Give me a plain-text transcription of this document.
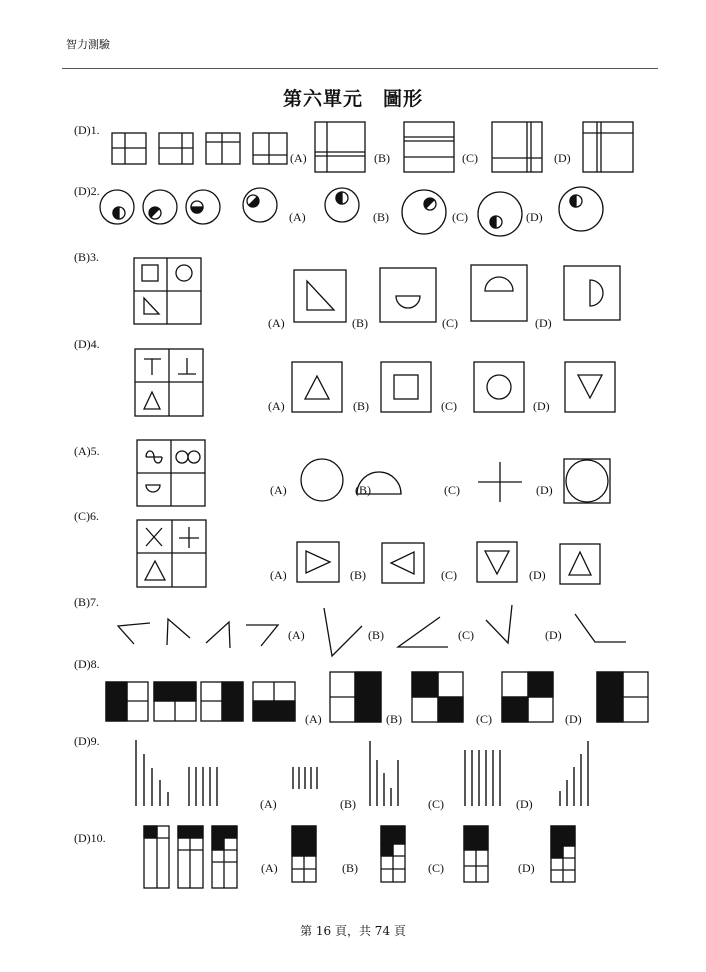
智力測驗
第六單元　圖形
(D)1.
(D)2.
(B)3.
(D)4.
(A)5.
(C)6.
(B)7.
(D)8.
(D)9.
(D)10.
(A)	(B)	(C)	(D)
(A)	(B)	(C)	(D)
(A)	(B)	(C)	(D)
(A)	(B)	(C)	(D)
(A)	(B)	(C)	(D)
(A)	(B)	(C)	(D)
(A)	(B)	(C)	(D)
(A)	(B)	(C)	(D)
(A)	(B)	(C)	(D)
(A)	(B)	(C)	(D)
第 16 頁，共 74 頁
